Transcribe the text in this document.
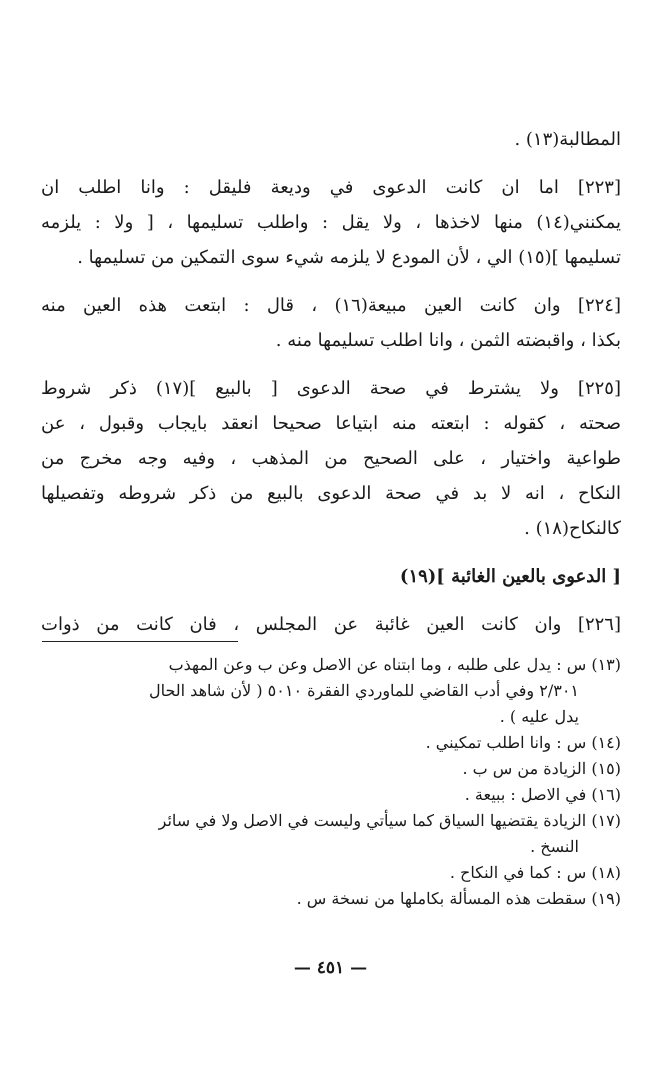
المطالبة(١٣) .
[٢٢٣] اما ان كانت الدعوى في وديعة فليقل : وانا اطلب ان
يمكنني(١٤) منها لاخذها ، ولا يقل : واطلب تسليمها ، [ ولا : يلزمه
تسليمها ](١٥) الي ، لأن المودع لا يلزمه شيء سوى التمكين من تسليمها .
[٢٢٤] وان كانت العين مبيعة(١٦) ، قال : ابتعت هذه العين منه
بكذا ، واقبضته الثمن ، وانا اطلب تسليمها منه .
[٢٢٥] ولا يشترط في صحة الدعوى [ بالبيع ](١٧) ذكر شروط
صحته ، كقوله : ابتعته منه ابتياعا صحيحا انعقد بايجاب وقبول ، عن
طواعية واختيار ، على الصحيح من المذهب ، وفيه وجه مخرج من
النكاح ، انه لا بد في صحة الدعوى بالبيع من ذكر شروطه وتفصيلها
كالنكاح(١٨) .
[ الدعوى بالعين الغائبة ](١٩)
[٢٢٦] وان كانت العين غائبة عن المجلس ، فان كانت من ذوات
(١٣) س : يدل على طلبه ، وما ابتناه عن الاصل وعن ب وعن المهذب
٢/٣٠١ وفي أدب القاضي للماوردي الفقرة ٥٠١٠ ( لأن شاهد الحال
يدل عليه ) .
(١٤) س : وانا اطلب تمكيني .
(١٥) الزيادة من س ب .
(١٦) في الاصل : ببيعة .
(١٧) الزيادة يقتضيها السياق كما سيأتي وليست في الاصل ولا في سائر
النسخ .
(١٨) س : كما في النكاح .
(١٩) سقطت هذه المسألة بكاملها من نسخة س .
— ٤٥١ —
